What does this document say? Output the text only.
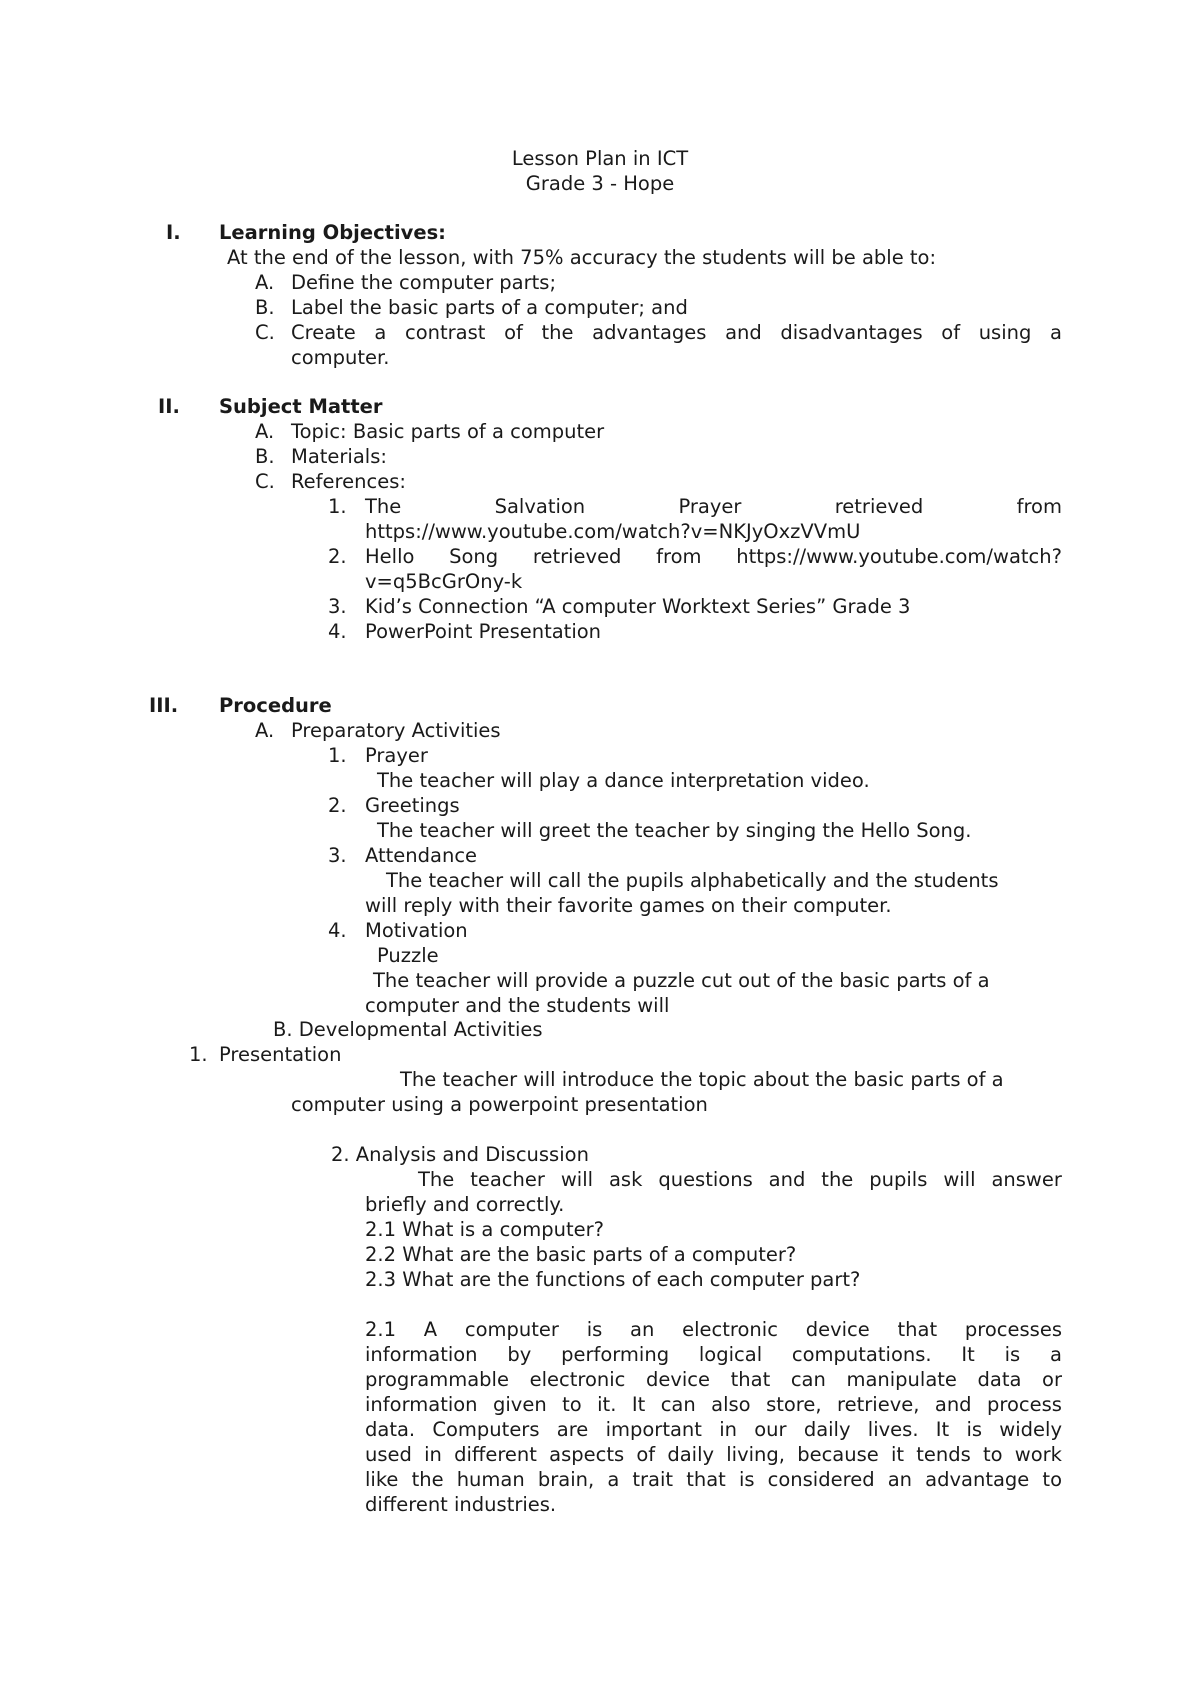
Lesson Plan in ICT
Grade 3 - Hope
I. Learning Objectives:
At the end of the lesson, with 75% accuracy the students will be able to:
A. Define the computer parts;
B. Label the basic parts of a computer; and
C. Create a contrast of the advantages and disadvantages of using a
computer.
II. Subject Matter
A. Topic: Basic parts of a computer
B. Materials:
C. References:
1. The	Salvation	Prayer	retrieved	from
https://www.youtube.com/watch?v=NKJyOxzVVmU
2. Hello Song retrieved from https://www.youtube.com/watch?
v=q5BcGrOny-k
3. Kid’s Connection “A computer Worktext Series” Grade 3
4. PowerPoint Presentation
III. Procedure
A. Preparatory Activities
1. Prayer
The teacher will play a dance interpretation video.
2. Greetings
The teacher will greet the teacher by singing the Hello Song.
3. Attendance
The teacher will call the pupils alphabetically and the students
will reply with their favorite games on their computer.
4. Motivation
Puzzle
The teacher will provide a puzzle cut out of the basic parts of a
computer and the students will
B. Developmental Activities
1. Presentation
The teacher will introduce the topic about the basic parts of a
computer using a powerpoint presentation
2. Analysis and Discussion
The teacher will ask questions and the pupils will answer
briefly and correctly.
2.1 What is a computer?
2.2 What are the basic parts of a computer?
2.3 What are the functions of each computer part?
2.1 A computer is an electronic device that processes
information by performing logical computations. It is a
programmable electronic device that can manipulate data or
information given to it. It can also store, retrieve, and process
data. Computers are important in our daily lives. It is widely
used in different aspects of daily living, because it tends to work
like the human brain, a trait that is considered an advantage to
different industries.
